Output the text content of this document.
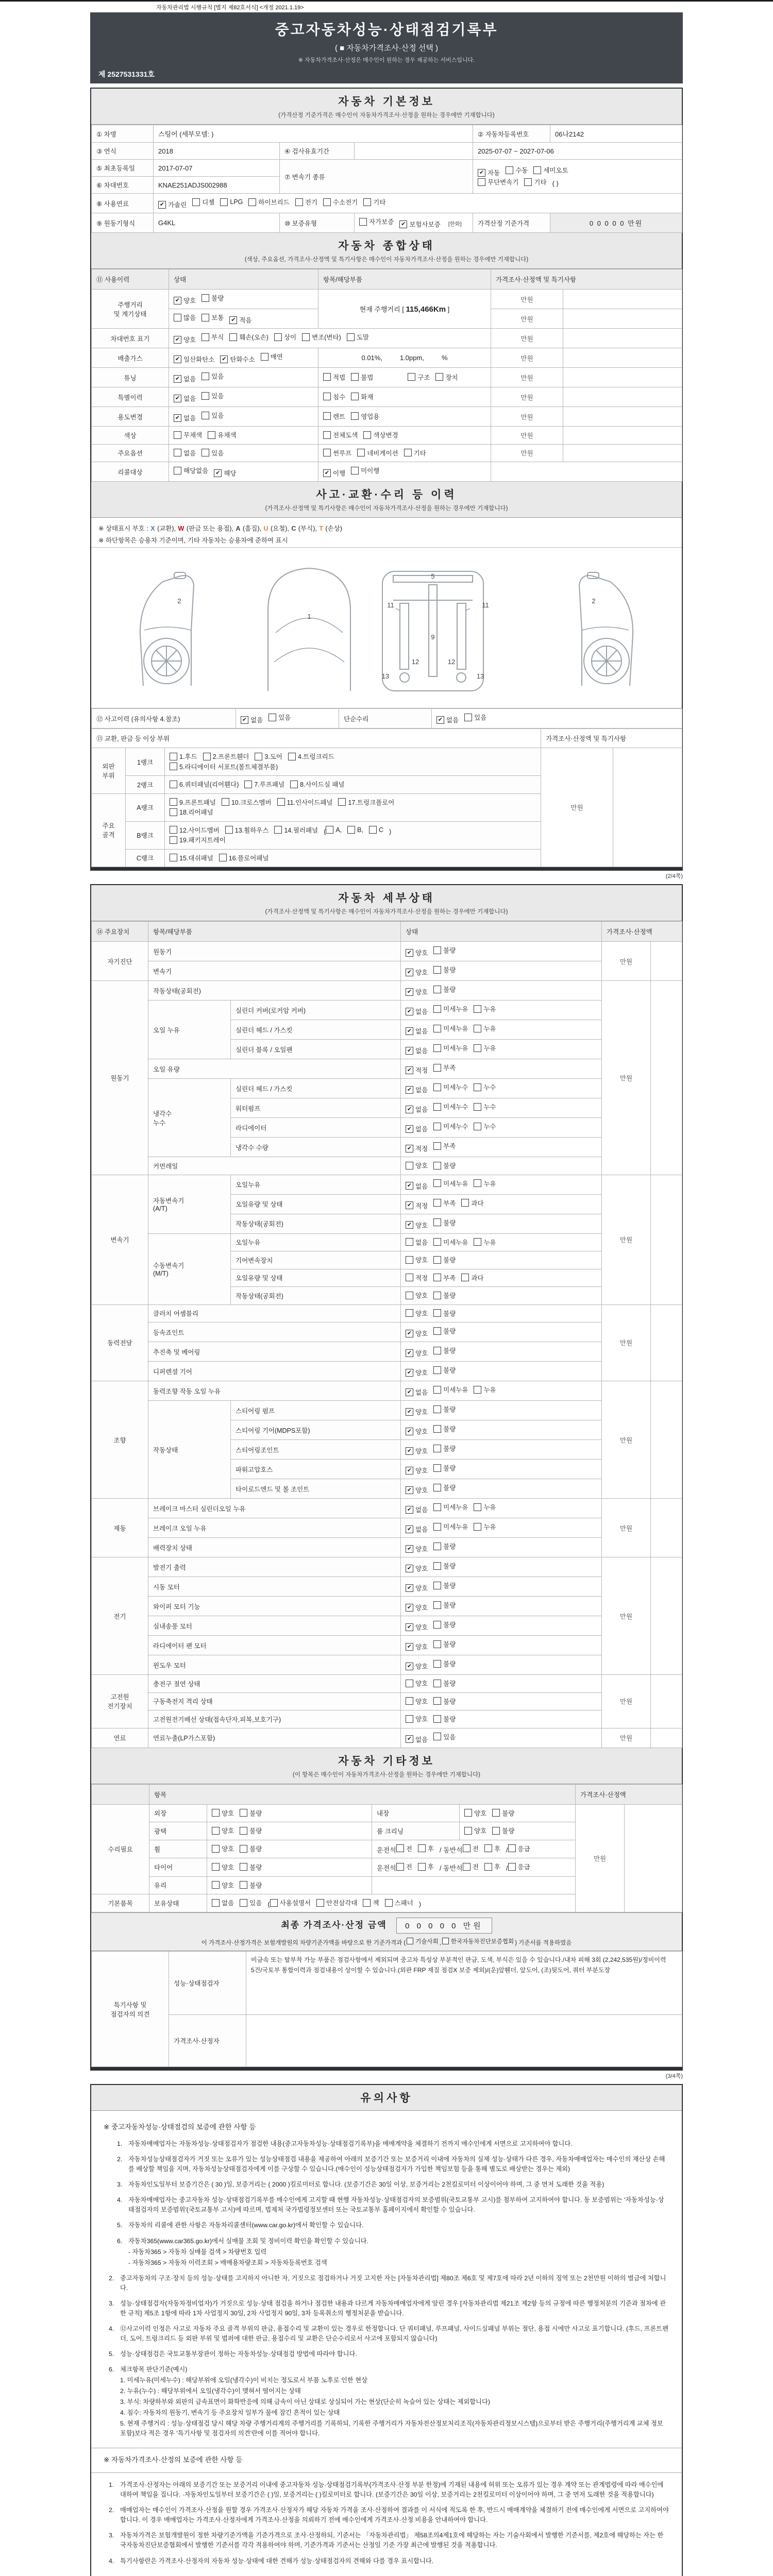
자동차관리법 시행규칙 [별지 제82호서식] <개정 2021.1.19>
중고자동차성능·상태점검기록부
( ■ 자동차가격조사·산정 선택 )
※ 자동차가격조사·산정은 매수인이 원하는 경우 제공하는 서비스입니다.
제 2527531331호
자동차 기본정보
(가격산정 기준가격은 매수인이 자동차가격조사·산정을 원하는 경우에만 기재합니다)
① 차명	스팅어 (세부모델: )			② 자동차등록번호	06나2142
③ 연식	2018	④ 검사유효기간		2025-07-07 ~ 2027-07-06	
⑤ 최초등록일	2017-07-07	⑦ 변속기 종류	
✔ 자동 수동 세미오토

무단변속기 기타 ( )
⑥ 차대번호	KNAE251ADJS002988				
⑧ 사용연료	✔ 가솔린 디젤 LPG 하이브리드 전기 수소전기 기타

⑨ 원동기형식	G4KL	⑩ 보증유형	자가보증 ✔ 보험사보증 [한화]	가격산정 기준가격	0 0 0 0 0 만원
자동차 종합상태
(색상, 주요옵션, 가격조사·산정액 및 특기사항은 매수인이 자동차가격조사·산정을 원하는 경우에만 기재합니다)
⑪ 사용이력	상태	항목/해당부품	가격조사·산정액 및 특기사항	
주행거리
및 계기상태	✔ 양호 불량	현재 주행거리 [ 115,466Km ]	만원	

	많음 보통 ✔ 적음		만원	
차대번호 표기	✔ 양호 부식 훼손(오손) 상이 변조(변타) 도말	만원	
배출가스	✔ 일산화탄소 ✔ 탄화수소 매연	0.01%, 1.0ppm, %	만원	
튜닝	✔ 없음 있음	적법 불법 구조 장치	만원	
특별이력	✔ 없음 있음	침수 화재	만원	
용도변경	✔ 없음 있음	렌트 영업용	만원	
색상	무채색 유채색	전체도색 색상변경	만원	
주요옵션	없음 있음	썬루프 네비게이션 기타	만원	
리콜대상	해당없음 ✔ 해당	✔ 이행 미이행		

사고·교환·수리 등 이력
(가격조사·산정액 및 특기사항은 매수인이 자동차가격조사·산정을 원하는 경우에만 기재합니다)
※ 상태표시 부호 : X (교환), W (판금 또는 용접), A (흠집), U (요철), C (부식), T (손상)
※ 하단항목은 승용차 기준이며, 기타 자동차는 승용차에 준하여 표시
2
1
5
9
11	11
12	12
13	13
2
⑫ 사고이력 (유의사항 4.참조)	✔ 없음 있음	단순수리	✔ 없음 있음
⑬ 교환, 판금 등 이상 부위			가격조사·산정액 및 특기사항	
외판
부위	1랭크	1.후드 2.프론트휀더 3.도어 4.트렁크리드

5.라디에이터 서포트(볼트체결부품)	만원	
	2랭크	6.쿼터패널(리어휀다) 7.루프패널 8.사이드실 패널		

주요
골격	A랭크	9.프론트패널 10.크로스멤버 11.인사이드패널 17.트렁크플로어

18.리어패널		

B랭크	
12.사이드멤버 13.휠하우스 14.필러패널 ( A, B, C )

19.패키지트레이

	C랭크	15.대쉬패널 16.플로어패널		
(2/4쪽)
자동차 세부상태
(가격조사·산정액 및 특기사항은 매수인이 자동차가격조사·산정을 원하는 경우에만 기재합니다)
⑭ 주요장치	항목/해당부품		상태	가격조사·산정액	
자기진단	원동기		✔ 양호 불량	만원	
	변속기		✔ 양호 불량		

원동기	작동상태(공회전)		✔ 양호 불량	만원	
	오일 누유	실린더 커버(로커암 커버)	✔ 없음 미세누유 누유		

		실린더 헤드 / 가스킷	✔ 없음 미세누유 누유		

		실린더 블록 / 오일팬	✔ 없음 미세누유 누유		

	오일 유량		✔ 적정 부족		

	냉각수
누수	실린더 헤드 / 가스킷	✔ 없음 미세누수 누수		

		워터펌프	✔ 없음 미세누수 누수		

		라디에이터	✔ 없음 미세누수 누수		

		냉각수 수량	✔ 적정 부족		

	커먼레일		양호 불량		

변속기	자동변속기
(A/T)	오일누유	✔ 없음 미세누유 누유	만원	
		오일유량 및 상태	✔ 적정 부족 과다		

		작동상태(공회전)	✔ 양호 불량		

	수동변속기
(M/T)	오일누유	없음 미세누유 누유		

		기어변속장치	양호 불량		

		오일유량 및 상태	적정 부족 과다		

		작동상태(공회전)	양호 불량		

동력전달	클러치 어셈블리		양호 불량	만원	
	등속죠인트		✔ 양호 불량		

	추진축 및 베어링		✔ 양호 불량		

	디퍼렌셜 기어		✔ 양호 불량		

조향	동력조향 작동 오일 누유		✔ 없음 미세누유 누유	만원	
	작동상태	스티어링 펌프	✔ 양호 불량		

		스티어링 기어(MDPS포함)	✔ 양호 불량		

		스티어링조인트	✔ 양호 불량		

		파워고압호스	✔ 양호 불량		

		타이로드엔드 및 볼 조인트	✔ 양호 불량		

제동	브레이크 마스터 실린더오일 누유		✔ 없음 미세누유 누유	만원	
	브레이크 오일 누유		✔ 없음 미세누유 누유		

	배력장치 상태		✔ 양호 불량		

전기	발전기 출력		✔ 양호 불량	만원	
	시동 모터		✔ 양호 불량		

	와이퍼 모터 기능		✔ 양호 불량		

	실내송풍 모터		✔ 양호 불량		

	라디에이터 팬 모터		✔ 양호 불량		

	윈도우 모터		✔ 양호 불량		

고전원
전기장치	충전구 절연 상태		양호 불량	만원	
	구동축전지 격리 상태		양호 불량		

	고전원전기배선 상태(접속단자,피복,보호기구)		양호 불량		

연료	연료누출(LP가스포함)		✔ 없음 있음	만원	
자동차 기타정보
(이 항목은 매수인이 자동차가격조사·산정을 원하는 경우에만 기재합니다)
	항목				가격조사·산정액	
수리필요	외장	양호 불량	내장	양호 불량	만원	
	광택	양호 불량	룸 크리닝	양호 불량		

휠	양호 불량	운전석 전 후 / 동반석 전 후 / 응급

타이어	양호 불량	운전석 전 후 / 동반석 전 후 / 응급

	유리	양호 불량				

기본품목	보유상태	없음 있음 ( 사용설명서 안전삼각대 잭 스패너 )
최종 가격조사·산정 금액 0 0 0 0 0 만원
이 가격조사·산정가격은 보험개발원의 차량기준가액을 바탕으로 한 기준가격과 ( 기술사회 , 한국자동차진단보증협회 ) 기준서를 적용하였음
특기사항 및
점검자의 의견	성능·상태점검자	비금속 또는 탈부착 가능 부품은 점검사항에서 제외되며 중고차 특성상 부분적인 판금, 도색, 부식은 있을 수 있습니다./내차 피해 3회 (2,242,535원)/정비이력 5건/국토부 통합이력과 점검내용이 상이할 수 있습니다.(외판 FRP 재질 점검X 보증 제외)/(운)앞휀더, 앞도어, (조)뒷도어, 쿼터 부분도장
	가격조사·산정자	
(3/4쪽)
유의사항
※ 중고자동차성능·상태점검의 보증에 관한 사항 등
1. 자동차매매업자는 자동차성능·상태점검자가 점검한 내용(중고자동차성능·상태점검기록부)을 매매계약을 체결하기 전까지 매수인에게 서면으로 고지하여야 합니다.
2. 자동차성능상태점검자가 거짓 또는 오류가 있는 성능상태점검 내용을 제공하여 아래의 보증기간 또는 보증거리 이내에 자동차의 실제 성능·상태가 다른 경우, 자동차매매업자는 매수인의 재산상 손해를 배상할 책임을 지며, 자동차성능상태점검자에게 이를 구상할 수 있습니다.(매수인이 성능상태점검자가 가입한 책임보험 등을 통해 별도로 배상받는 경우는 제외)
3. 자동차인도일부터 보증기간은 ( 30 )일, 보증거리는 ( 2000 )킬로미터로 합니다. (보증기간은 30일 이상, 보증거리는 2천킬로미터 이상이어야 하며, 그 중 먼저 도래한 것을 적용)
4. 자동차매매업자는 중고자동차 성능·상태점검기록부를 매수인에게 고지할 때 현행 자동차성능·상태점검자의 보증범위(국토교통부 고시)를 첨부하여 고지하여야 합니다. 동 보증범위는 '자동차성능·상태점검자의 보증범위'(국토교통부 고시)에 따르며, 법제처 국가법령정보센터 또는 국토교통부 홈페이지에서 확인할 수 있습니다.
5. 자동차의 리콜에 관한 사항은 자동차리콜센터(www.car.go.kr)에서 확인할 수 있습니다.
6. 자동차365(www.car365.go.kr)에서 실매물 조회 및 정비이력 확인을 확인할 수 있습니다.
- 자동차365 > 자동차 실매물 검색 > 차량번호 입력
- 자동차365 > 자동차 이력조회 > 매매용차량조회 > 자동차등록번호 검색
2. 중고자동차의 구조·장치 등의 성능·상태를 고지하지 아니한 자, 거짓으로 점검하거나 거짓 고지한 자는 [자동차관리법] 제80조 제6호 및 제7호에 따라 2년 이하의 징역 또는 2천만원 이하의 벌금에 처합니다.
3. 성능·상태점검자(자동차정비업자)가 거짓으로 성능·상태 점검을 하거나 점검한 내용과 다르게 자동차매매업자에게 알린 경우 [자동차관리법 제21조 제2항 등의 규정에 따른 행정처분의 기준과 절차에 관한 규칙] 제5조 1항에 따라 1차 사업정지 30일, 2차 사업정지 90일, 3차 등록취소의 행정처분을 받습니다.
4. ⑫사고이력 인정은 사고로 자동차 주요 골격 부위의 판금, 용접수리 및 교환이 있는 경우로 한정합니다. 단 쿼터패널, 루프패널, 사이드실패널 부위는 절단, 용접 시에만 사고로 표기합니다. (후드, 프론트펜더, 도어, 트렁크리드 등 외판 부위 및 범퍼에 대한 판금, 용접수리 및 교환은 단순수리로서 사고에 포함되지 않습니다)
5. 성능·상태점검은 국토교통부장관이 정하는 자동차성능·상태점검 방법에 따라야 합니다.
6. 체크항목 판단기준(예시)
1. 미세누유(미세누수) : 해당부위에 오일(냉각수)이 비치는 정도로서 부품 노후로 인한 현상
2. 누유(누수) : 해당부위에서 오일(냉각수)이 맺혀서 떨어지는 상태
3. 부식: 차량하부와 외판의 금속표면이 화학반응에 의해 금속이 아닌 상태로 상실되어 가는 현상(단순히 녹슬어 있는 상태는 제외합니다)
4. 침수: 자동차의 원동기, 변속기 등 주요장치 일부가 물에 잠긴 흔적이 있는 상태
5. 현재 주행거리 : 성능·상태점검 당시 해당 차량 주행거리계의 주행거리를 기록하되, 기록한 주행거리가 자동차전산정보처리조직(자동차관리정보시스템)으로부터 받은 주행거리(주행거리계 교체 정보 포함)보다 적은 경우 '특기사항 및 점검자의 의견'란에 이를 적어야 합니다.
※ 자동차가격조사·산정의 보증에 관한 사항 등
1. 가격조사·산정자는 아래의 보증기간 또는 보증거리 이내에 중고자동차 성능·상태점검기록부(가격조사·산정 부분 한정)에 기재된 내용에 허위 또는 오류가 있는 경우 계약 또는 관계법령에 따라 매수인에 대하여 책임을 집니다. ·자동차인도일부터 보증기간은 ( )일, 보증거리는 ( )킬로미터로 합니다. (보증기간은 30일 이상, 보증거리는 2천킬로미터 이상이어야 하며, 그 중 먼저 도래한 것을 적용합니다)
2. 매매업자는 매수인이 가격조사·산정을 원할 경우 가격조사·산정자가 해당 자동차 가격을 조사·산정하여 결과를 이 서식에 적도록 한 후, 반드시 매매계약을 체결하기 전에 매수인에게 서면으로 고지하여야 합니다. 이 경우 매매업자는 가격조사·산정자에게 가격조사·산정을 의뢰하기 전에 매수인에게 가격조사·산정 비용을 안내하여야 합니다.
3. 자동차가격은 보험개발원이 정한 차량기준가액을 기준가격으로 조사·산정하되, 기준서는 「자동차관리법」 제58조의4제1호에 해당하는 자는 기술사회에서 발행한 기준서를, 제2호에 해당하는 자는 한국자동차진단보증협회에서 발행한 기준서를 각각 적용하여야 하며, 기준가격과 기준서는 산정일 기준 가장 최근에 발행된 것을 적용합니다.
4. 특기사항란은 가격조사·산정자의 자동차 성능·상태에 대한 견해가 성능·상태점검자의 견해와 다를 경우 표시합니다.
